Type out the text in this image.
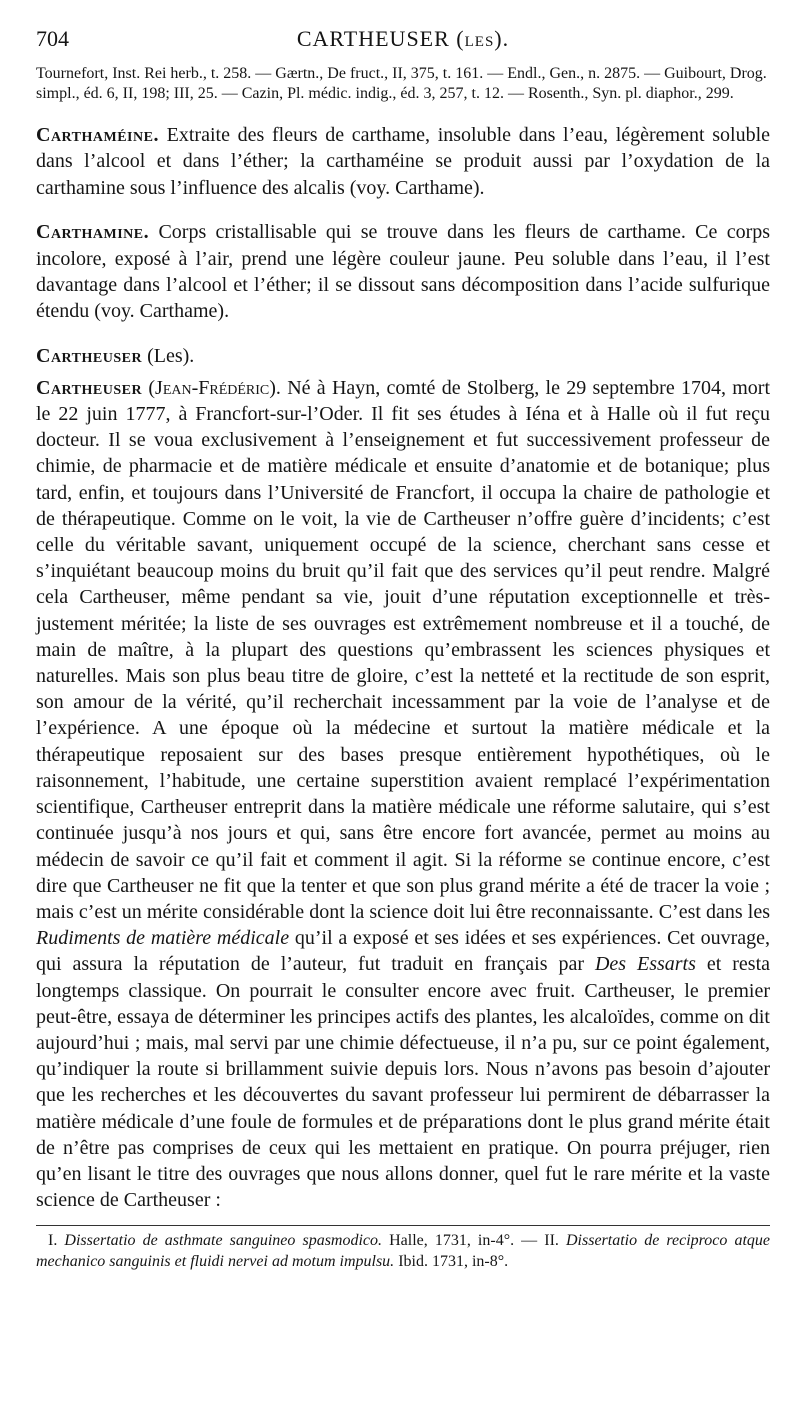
704	CARTHEUSER (les).

Tournefort, Inst. Rei herb., t. 258. — Gærtn., De fruct., II, 375, t. 161. — Endl., Gen., n. 2875. — Guibourt, Drog. simpl., éd. 6, II, 198; III, 25. — Cazin, Pl. médic. indig., éd. 3, 257, t. 12. — Rosenth., Syn. pl. diaphor., 299.

Carthaméine. Extraite des fleurs de carthame, insoluble dans l’eau, légèrement soluble dans l’alcool et dans l’éther; la carthaméine se produit aussi par l’oxydation de la carthamine sous l’influence des alcalis (voy. Carthame).

Carthamine. Corps cristallisable qui se trouve dans les fleurs de carthame. Ce corps incolore, exposé à l’air, prend une légère couleur jaune. Peu soluble dans l’eau, il l’est davantage dans l’alcool et l’éther; il se dissout sans décomposition dans l’acide sulfurique étendu (voy. Carthame).

Cartheuser (Les).

Cartheuser (Jean-Frédéric). Né à Hayn, comté de Stolberg, le 29 septembre 1704, mort le 22 juin 1777, à Francfort-sur-l’Oder. Il fit ses études à Iéna et à Halle où il fut reçu docteur. Il se voua exclusivement à l’enseignement et fut successivement professeur de chimie, de pharmacie et de matière médicale et ensuite d’anatomie et de botanique; plus tard, enfin, et toujours dans l’Université de Francfort, il occupa la chaire de pathologie et de thérapeutique. Comme on le voit, la vie de Cartheuser n’offre guère d’incidents; c’est celle du véritable savant, uniquement occupé de la science, cherchant sans cesse et s’inquiétant beaucoup moins du bruit qu’il fait que des services qu’il peut rendre. Malgré cela Cartheuser, même pendant sa vie, jouit d’une réputation exceptionnelle et très-justement méritée; la liste de ses ouvrages est extrêmement nombreuse et il a touché, de main de maître, à la plupart des questions qu’embrassent les sciences physiques et naturelles. Mais son plus beau titre de gloire, c’est la netteté et la rectitude de son esprit, son amour de la vérité, qu’il recherchait incessamment par la voie de l’analyse et de l’expérience. A une époque où la médecine et surtout la matière médicale et la thérapeutique reposaient sur des bases presque entièrement hypothétiques, où le raisonnement, l’habitude, une certaine superstition avaient remplacé l’expérimentation scientifique, Cartheuser entreprit dans la matière médicale une réforme salutaire, qui s’est continuée jusqu’à nos jours et qui, sans être encore fort avancée, permet au moins au médecin de savoir ce qu’il fait et comment il agit. Si la réforme se continue encore, c’est dire que Cartheuser ne fit que la tenter et que son plus grand mérite a été de tracer la voie ; mais c’est un mérite considérable dont la science doit lui être reconnaissante. C’est dans les Rudiments de matière médicale qu’il a exposé et ses idées et ses expériences. Cet ouvrage, qui assura la réputation de l’auteur, fut traduit en français par Des Essarts et resta longtemps classique. On pourrait le consulter encore avec fruit. Cartheuser, le premier peut-être, essaya de déterminer les principes actifs des plantes, les alcaloïdes, comme on dit aujourd’hui ; mais, mal servi par une chimie défectueuse, il n’a pu, sur ce point également, qu’indiquer la route si brillamment suivie depuis lors. Nous n’avons pas besoin d’ajouter que les recherches et les découvertes du savant professeur lui permirent de débarrasser la matière médicale d’une foule de formules et de préparations dont le plus grand mérite était de n’être pas comprises de ceux qui les mettaient en pratique. On pourra préjuger, rien qu’en lisant le titre des ouvrages que nous allons donner, quel fut le rare mérite et la vaste science de Cartheuser :

I. Dissertatio de asthmate sanguineo spasmodico. Halle, 1731, in-4°. — II. Dissertatio de reciproco atque mechanico sanguinis et fluidi nervei ad motum impulsu. Ibid. 1731, in-8°.
